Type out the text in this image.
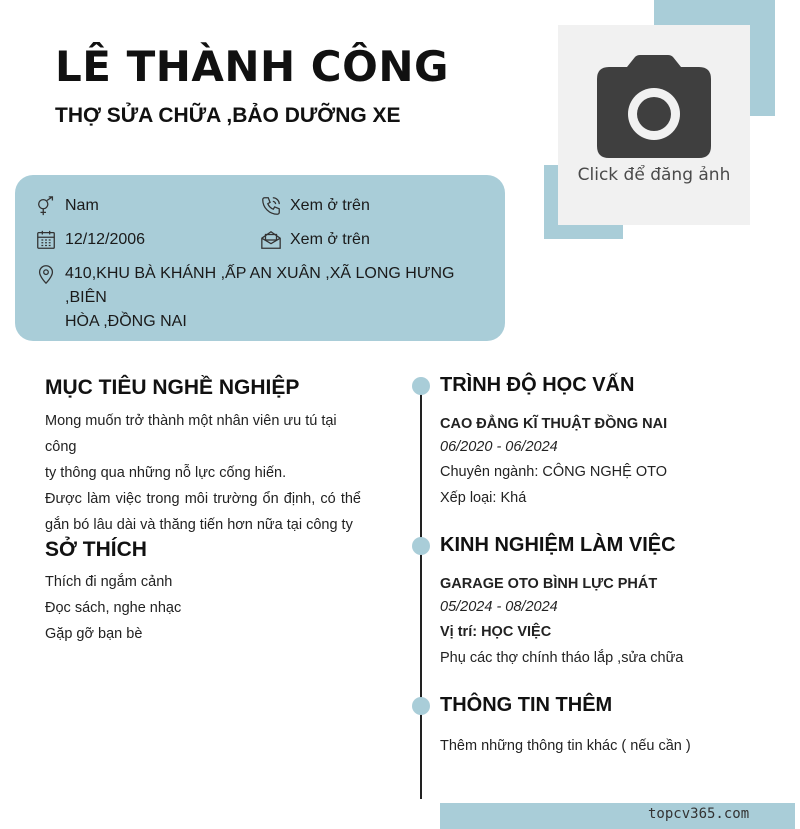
Click để đăng ảnh
LÊ THÀNH CÔNG
THỢ SỬA CHỮA ,BẢO DƯỠNG XE
Nam	Xem ở trên
12/12/2006	Xem ở trên
410,KHU BÀ KHÁNH ,ẤP AN XUÂN ,XÃ LONG HƯNG ,BIÊN
HÒA ,ĐỒNG NAI
MỤC TIÊU NGHỀ NGHIỆP
Mong muốn trở thành một nhân viên ưu tú tại công
ty thông qua những nỗ lực cống hiến.
Được làm việc trong môi trường ổn định, có thể
gắn bó lâu dài và thăng tiến hơn nữa tại công ty
SỞ THÍCH
Thích đi ngắm cảnh
Đọc sách, nghe nhạc
Gặp gỡ bạn bè
TRÌNH ĐỘ HỌC VẤN
CAO ĐẲNG KĨ THUẬT ĐỒNG NAI
06/2020 - 06/2024
Chuyên ngành: CÔNG NGHỆ OTO
Xếp loại: Khá
KINH NGHIỆM LÀM VIỆC
GARAGE OTO BÌNH LỰC PHÁT
05/2024 - 08/2024
Vị trí: HỌC VIỆC
Phụ các thợ chính tháo lắp ,sửa chữa
THÔNG TIN THÊM
Thêm những thông tin khác ( nếu cần )
topcv365.com
